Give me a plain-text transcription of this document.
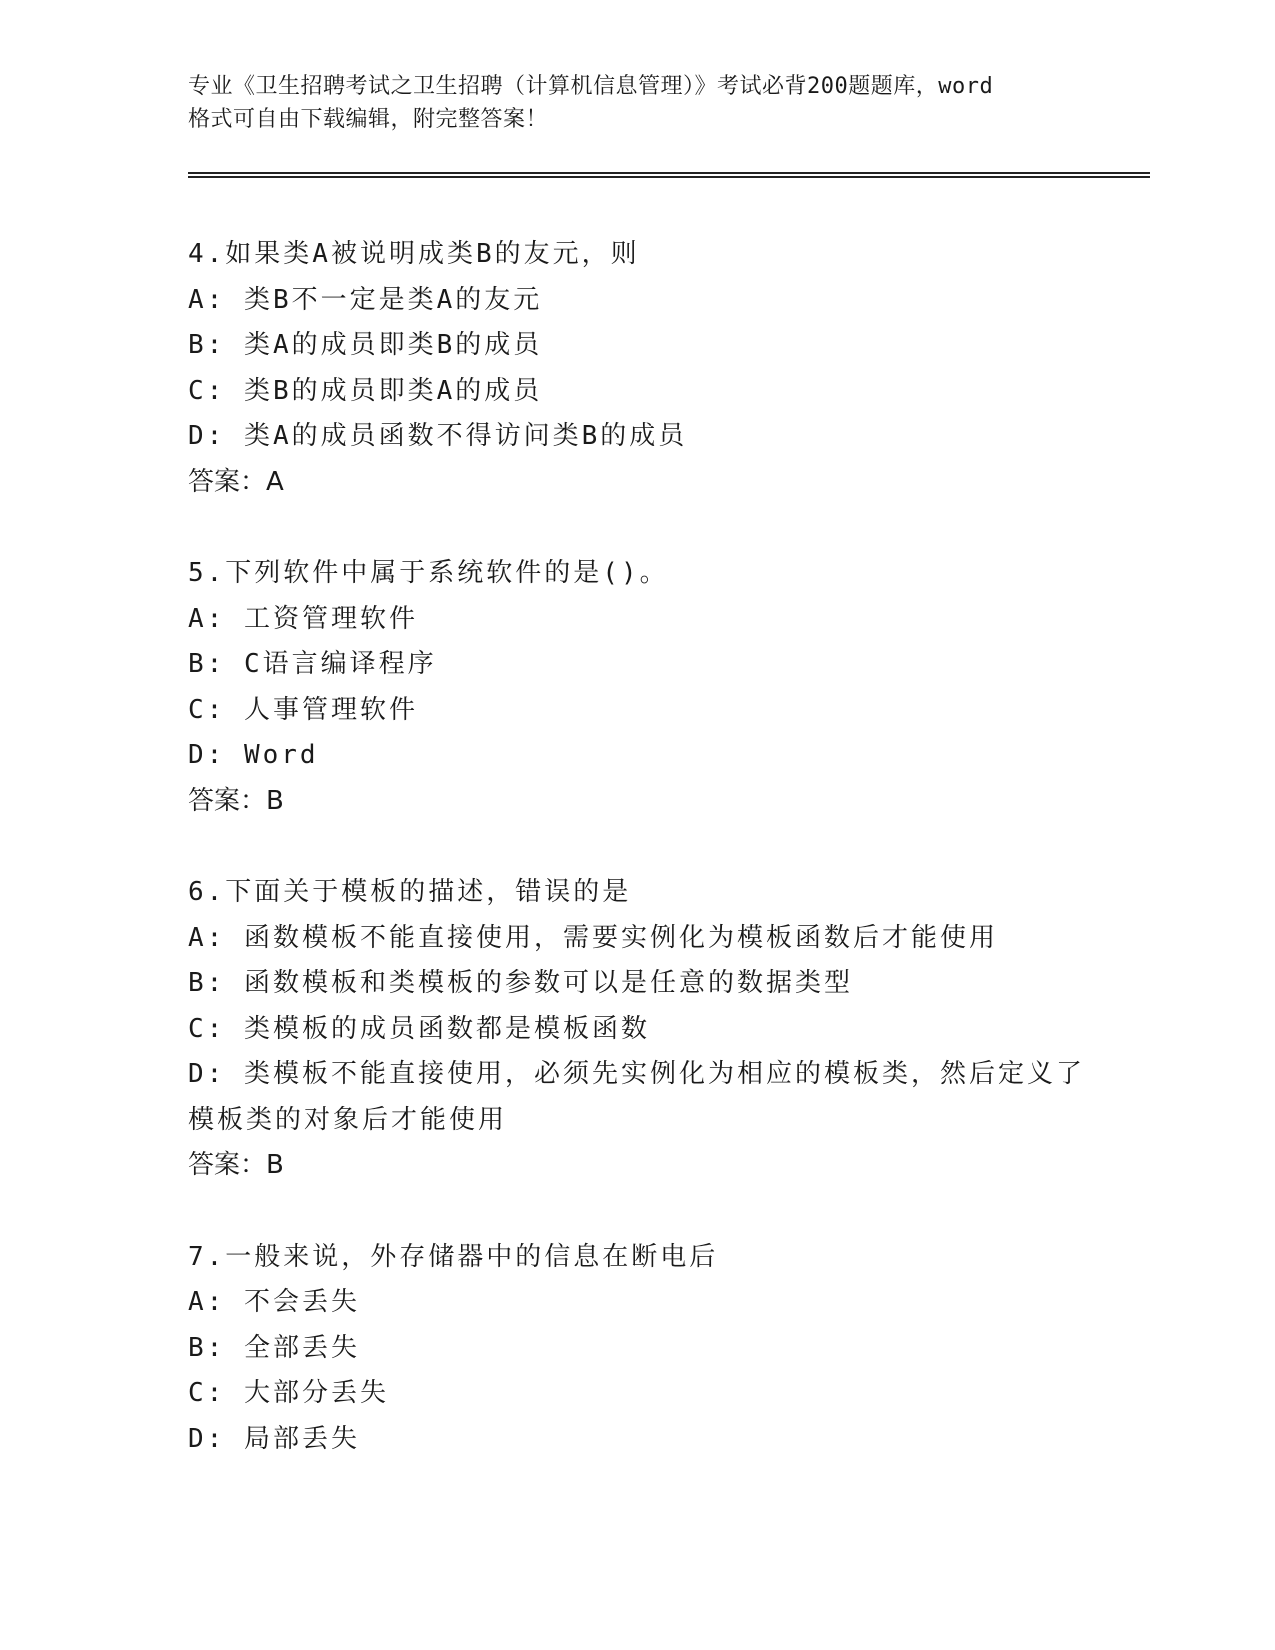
专业《卫生招聘考试之卫生招聘（计算机信息管理）》考试必背200题题库，word
格式可自由下载编辑，附完整答案！
4.如果类A被说明成类B的友元，则
A: 类B不一定是类A的友元
B: 类A的成员即类B的成员
C: 类B的成员即类A的成员
D: 类A的成员函数不得访问类B的成员
答案：A
5.下列软件中属于系统软件的是()。
A: 工资管理软件
B: C语言编译程序
C: 人事管理软件
D: Word
答案：B
6.下面关于模板的描述，错误的是
A: 函数模板不能直接使用，需要实例化为模板函数后才能使用
B: 函数模板和类模板的参数可以是任意的数据类型
C: 类模板的成员函数都是模板函数
D: 类模板不能直接使用，必须先实例化为相应的模板类，然后定义了
模板类的对象后才能使用
答案：B
7.一般来说，外存储器中的信息在断电后
A: 不会丢失
B: 全部丢失
C: 大部分丢失
D: 局部丢失
